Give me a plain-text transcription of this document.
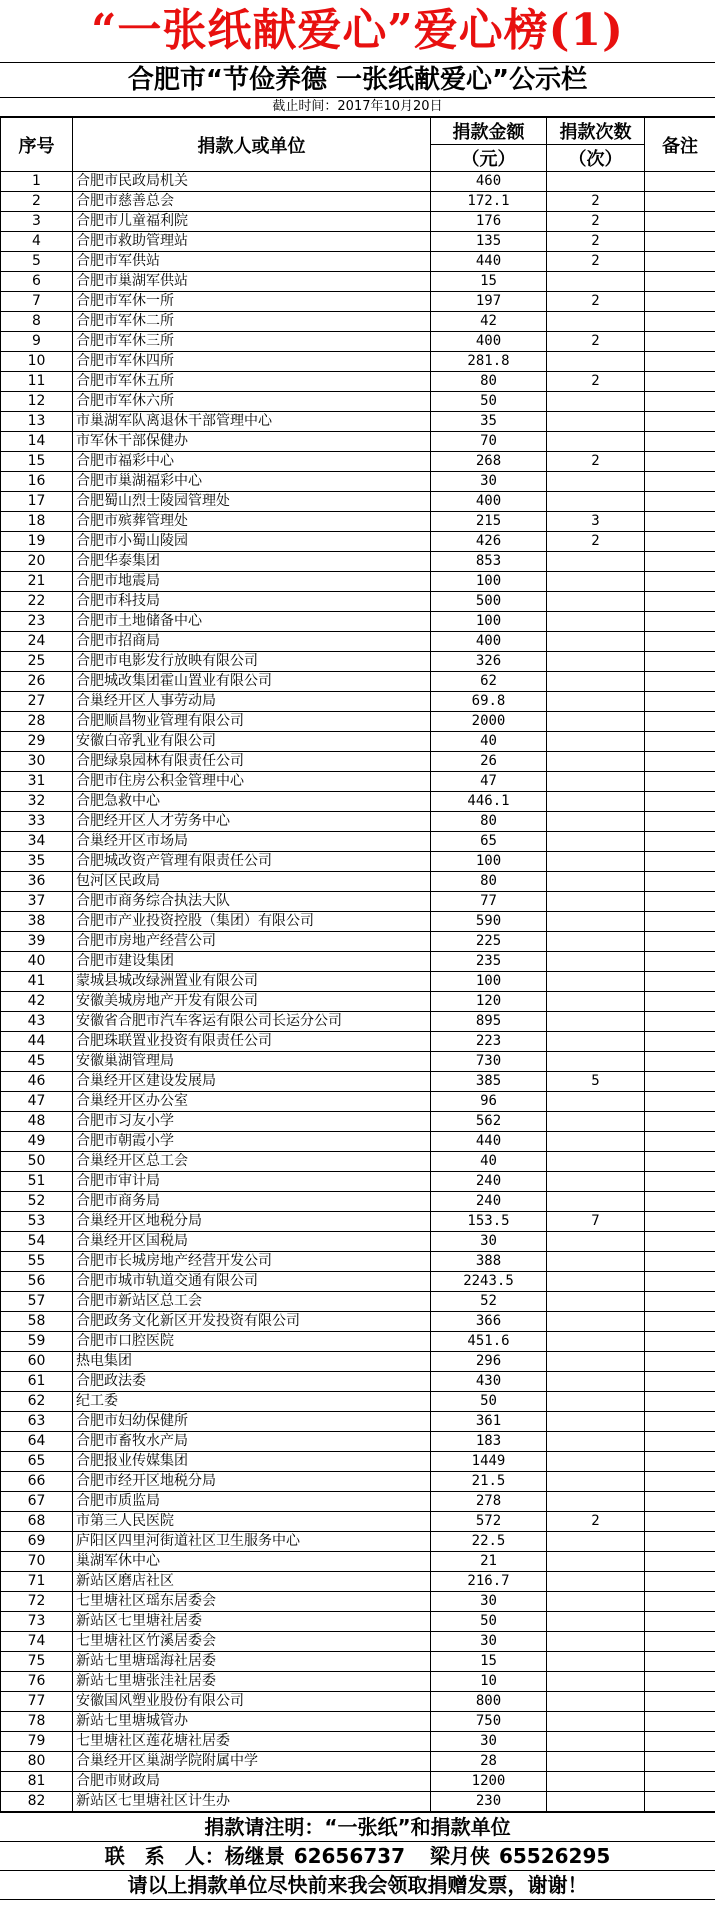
“一张纸献爱心”爱心榜(1)
合肥市“节俭养德 一张纸献爱心”公示栏
截止时间：2017年10月20日
序号	捐款人或单位	捐款金额	捐款次数	备注
		（元）	（次）	
1	合肥市民政局机关	460		
2	合肥市慈善总会	172.1	2	
3	合肥市儿童福利院	176	2	
4	合肥市救助管理站	135	2	
5	合肥市军供站	440	2	
6	合肥市巢湖军供站	15		
7	合肥市军休一所	197	2	
8	合肥市军休二所	42		
9	合肥市军休三所	400	2	
10	合肥市军休四所	281.8		
11	合肥市军休五所	80	2	
12	合肥市军休六所	50		
13	市巢湖军队离退休干部管理中心	35		
14	市军休干部保健办	70		
15	合肥市福彩中心	268	2	
16	合肥市巢湖福彩中心	30		
17	合肥蜀山烈士陵园管理处	400		
18	合肥市殡葬管理处	215	3	
19	合肥市小蜀山陵园	426	2	
20	合肥华泰集团	853		
21	合肥市地震局	100		
22	合肥市科技局	500		
23	合肥市土地储备中心	100		
24	合肥市招商局	400		
25	合肥市电影发行放映有限公司	326		
26	合肥城改集团霍山置业有限公司	62		
27	合巢经开区人事劳动局	69.8		
28	合肥顺昌物业管理有限公司	2000		
29	安徽白帝乳业有限公司	40		
30	合肥绿泉园林有限责任公司	26		
31	合肥市住房公积金管理中心	47		
32	合肥急救中心	446.1		
33	合肥经开区人才劳务中心	80		
34	合巢经开区市场局	65		
35	合肥城改资产管理有限责任公司	100		
36	包河区民政局	80		
37	合肥市商务综合执法大队	77		
38	合肥市产业投资控股（集团）有限公司	590		
39	合肥市房地产经营公司	225		
40	合肥市建设集团	235		
41	蒙城县城改绿洲置业有限公司	100		
42	安徽美城房地产开发有限公司	120		
43	安徽省合肥市汽车客运有限公司长运分公司	895		
44	合肥珠联置业投资有限责任公司	223		
45	安徽巢湖管理局	730		
46	合巢经开区建设发展局	385	5	
47	合巢经开区办公室	96		
48	合肥市习友小学	562		
49	合肥市朝霞小学	440		
50	合巢经开区总工会	40		
51	合肥市审计局	240		
52	合肥市商务局	240		
53	合巢经开区地税分局	153.5	7	
54	合巢经开区国税局	30		
55	合肥市长城房地产经营开发公司	388		
56	合肥市城市轨道交通有限公司	2243.5		
57	合肥市新站区总工会	52		
58	合肥政务文化新区开发投资有限公司	366		
59	合肥市口腔医院	451.6		
60	热电集团	296		
61	合肥政法委	430		
62	纪工委	50		
63	合肥市妇幼保健所	361		
64	合肥市畜牧水产局	183		
65	合肥报业传媒集团	1449		
66	合肥市经开区地税分局	21.5		
67	合肥市质监局	278		
68	市第三人民医院	572	2	
69	庐阳区四里河街道社区卫生服务中心	22.5		
70	巢湖军休中心	21		
71	新站区磨店社区	216.7		
72	七里塘社区瑶东居委会	30		
73	新站区七里塘社居委	50		
74	七里塘社区竹溪居委会	30		
75	新站七里塘瑶海社居委	15		
76	新站七里塘张洼社居委	10		
77	安徽国风塑业股份有限公司	800		
78	新站七里塘城管办	750		
79	七里塘社区莲花塘社居委	30		
80	合巢经开区巢湖学院附属中学	28		
81	合肥市财政局	1200		
82	新站区七里塘社区计生办	230		
捐款请注明：“一张纸”和捐款单位
联　系　人：杨继景 62656737 梁月侠 65526295
请以上捐款单位尽快前来我会领取捐赠发票，谢谢！
